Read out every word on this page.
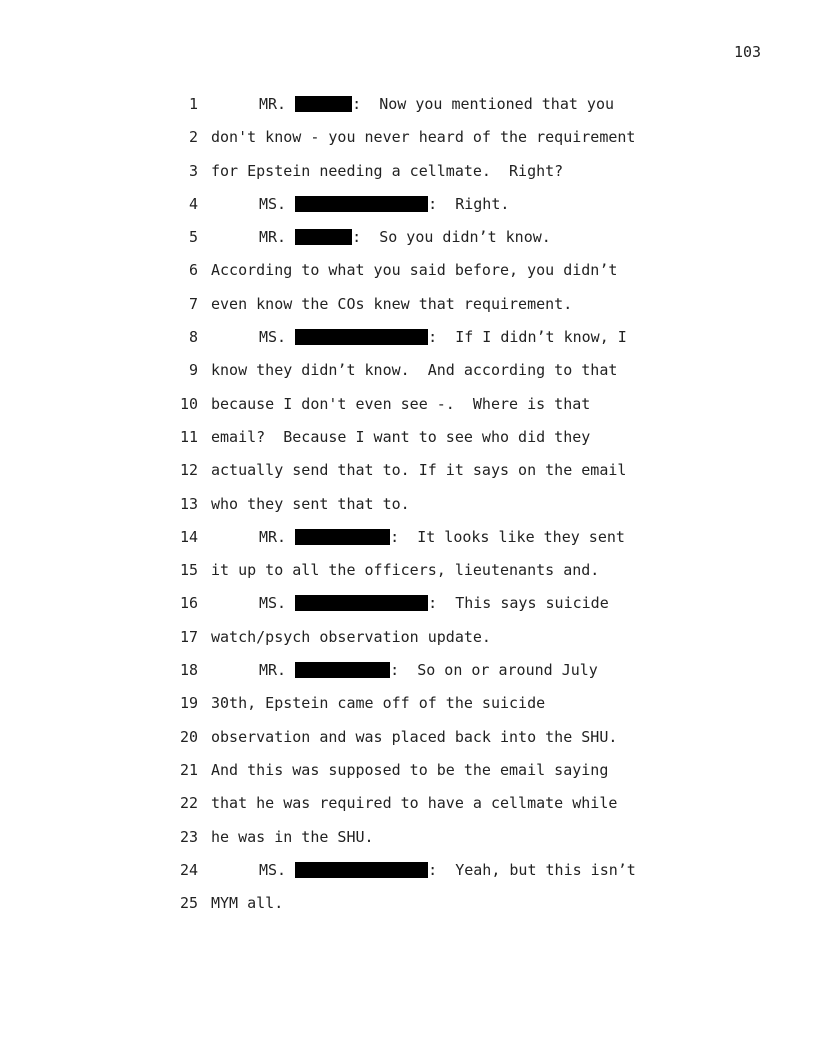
103

1

	MR.	:  Now you mentioned that you

2

don't know - you never heard of the requirement

3

for Epstein needing a cellmate.  Right?

4

	MS.	:  Right.

5

	MR.	:  So you didn’t know.

6

According to what you said before, you didn’t

7

even know the COs knew that requirement.

8

	MS.	:  If I didn’t know, I

9

know they didn’t know.  And according to that

10

because I don't even see -.  Where is that

11

email?  Because I want to see who did they

12

actually send that to. If it says on the email

13

who they sent that to.

14

	MR.	:  It looks like they sent

15

it up to all the officers, lieutenants and.

16

	MS.	:  This says suicide

17

watch/psych observation update.

18

	MR.	:  So on or around July

19

30th, Epstein came off of the suicide

20

observation and was placed back into the SHU.

21

And this was supposed to be the email saying

22

that he was required to have a cellmate while

23

he was in the SHU.

24

	MS.	:  Yeah, but this isn’t

25

MYM all.
